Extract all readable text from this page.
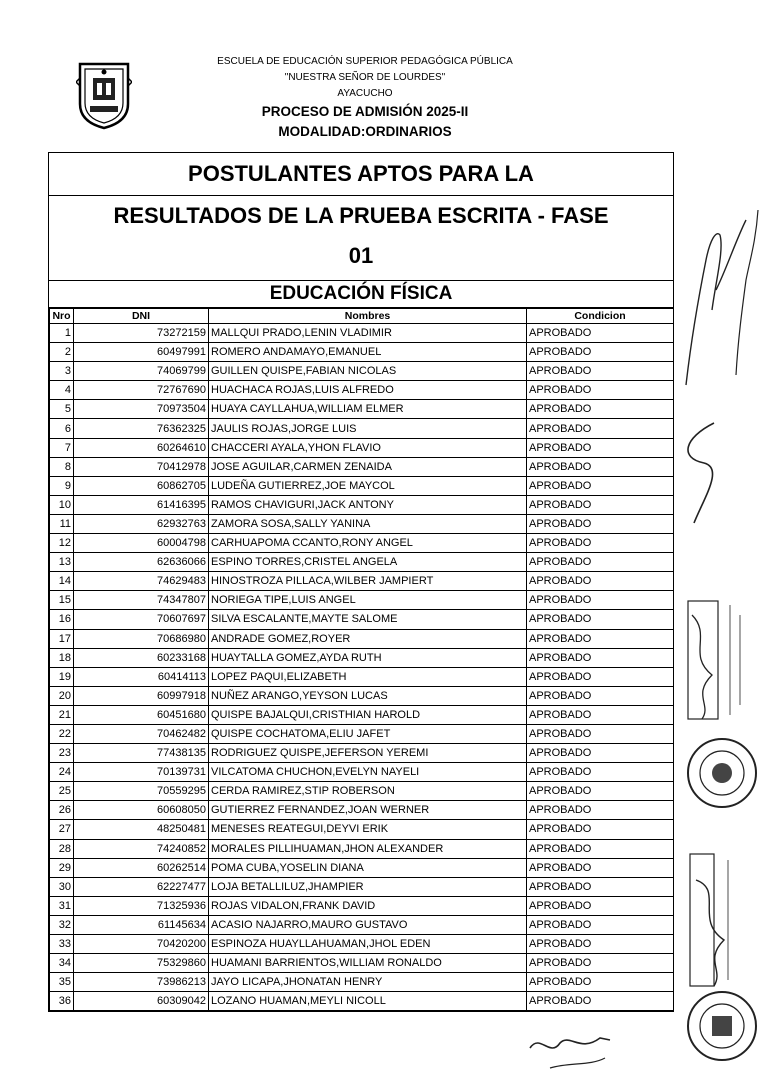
ESCUELA DE EDUCACIÓN SUPERIOR PEDAGÓGICA PÚBLICA
"NUESTRA SEÑOR DE LOURDES"
AYACUCHO
PROCESO DE ADMISIÓN 2025-II
MODALIDAD:ORDINARIOS
POSTULANTES APTOS PARA LA
RESULTADOS DE LA PRUEBA ESCRITA - FASE
01
EDUCACIÓN FÍSICA
Nro	DNI	Nombres	Condicion
1	73272159	MALLQUI PRADO,LENIN VLADIMIR	APROBADO
2	60497991	ROMERO ANDAMAYO,EMANUEL	APROBADO
3	74069799	GUILLEN QUISPE,FABIAN NICOLAS	APROBADO
4	72767690	HUACHACA ROJAS,LUIS ALFREDO	APROBADO
5	70973504	HUAYA CAYLLAHUA,WILLIAM ELMER	APROBADO
6	76362325	JAULIS ROJAS,JORGE LUIS	APROBADO
7	60264610	CHACCERI AYALA,YHON FLAVIO	APROBADO
8	70412978	JOSE AGUILAR,CARMEN ZENAIDA	APROBADO
9	60862705	LUDEÑA GUTIERREZ,JOE MAYCOL	APROBADO
10	61416395	RAMOS CHAVIGURI,JACK ANTONY	APROBADO
11	62932763	ZAMORA SOSA,SALLY YANINA	APROBADO
12	60004798	CARHUAPOMA CCANTO,RONY ANGEL	APROBADO
13	62636066	ESPINO TORRES,CRISTEL ANGELA	APROBADO
14	74629483	HINOSTROZA PILLACA,WILBER JAMPIERT	APROBADO
15	74347807	NORIEGA TIPE,LUIS ANGEL	APROBADO
16	70607697	SILVA ESCALANTE,MAYTE SALOME	APROBADO
17	70686980	ANDRADE GOMEZ,ROYER	APROBADO
18	60233168	HUAYTALLA GOMEZ,AYDA RUTH	APROBADO
19	60414113	LOPEZ PAQUI,ELIZABETH	APROBADO
20	60997918	NUÑEZ ARANGO,YEYSON LUCAS	APROBADO
21	60451680	QUISPE BAJALQUI,CRISTHIAN HAROLD	APROBADO
22	70462482	QUISPE COCHATOMA,ELIU JAFET	APROBADO
23	77438135	RODRIGUEZ QUISPE,JEFERSON YEREMI	APROBADO
24	70139731	VILCATOMA CHUCHON,EVELYN NAYELI	APROBADO
25	70559295	CERDA RAMIREZ,STIP ROBERSON	APROBADO
26	60608050	GUTIERREZ FERNANDEZ,JOAN WERNER	APROBADO
27	48250481	MENESES REATEGUI,DEYVI ERIK	APROBADO
28	74240852	MORALES PILLIHUAMAN,JHON ALEXANDER	APROBADO
29	60262514	POMA CUBA,YOSELIN DIANA	APROBADO
30	62227477	LOJA BETALLILUZ,JHAMPIER	APROBADO
31	71325936	ROJAS VIDALON,FRANK DAVID	APROBADO
32	61145634	ACASIO NAJARRO,MAURO GUSTAVO	APROBADO
33	70420200	ESPINOZA HUAYLLAHUAMAN,JHOL EDEN	APROBADO
34	75329860	HUAMANI BARRIENTOS,WILLIAM RONALDO	APROBADO
35	73986213	JAYO LICAPA,JHONATAN HENRY	APROBADO
36	60309042	LOZANO HUAMAN,MEYLI NICOLL	APROBADO
